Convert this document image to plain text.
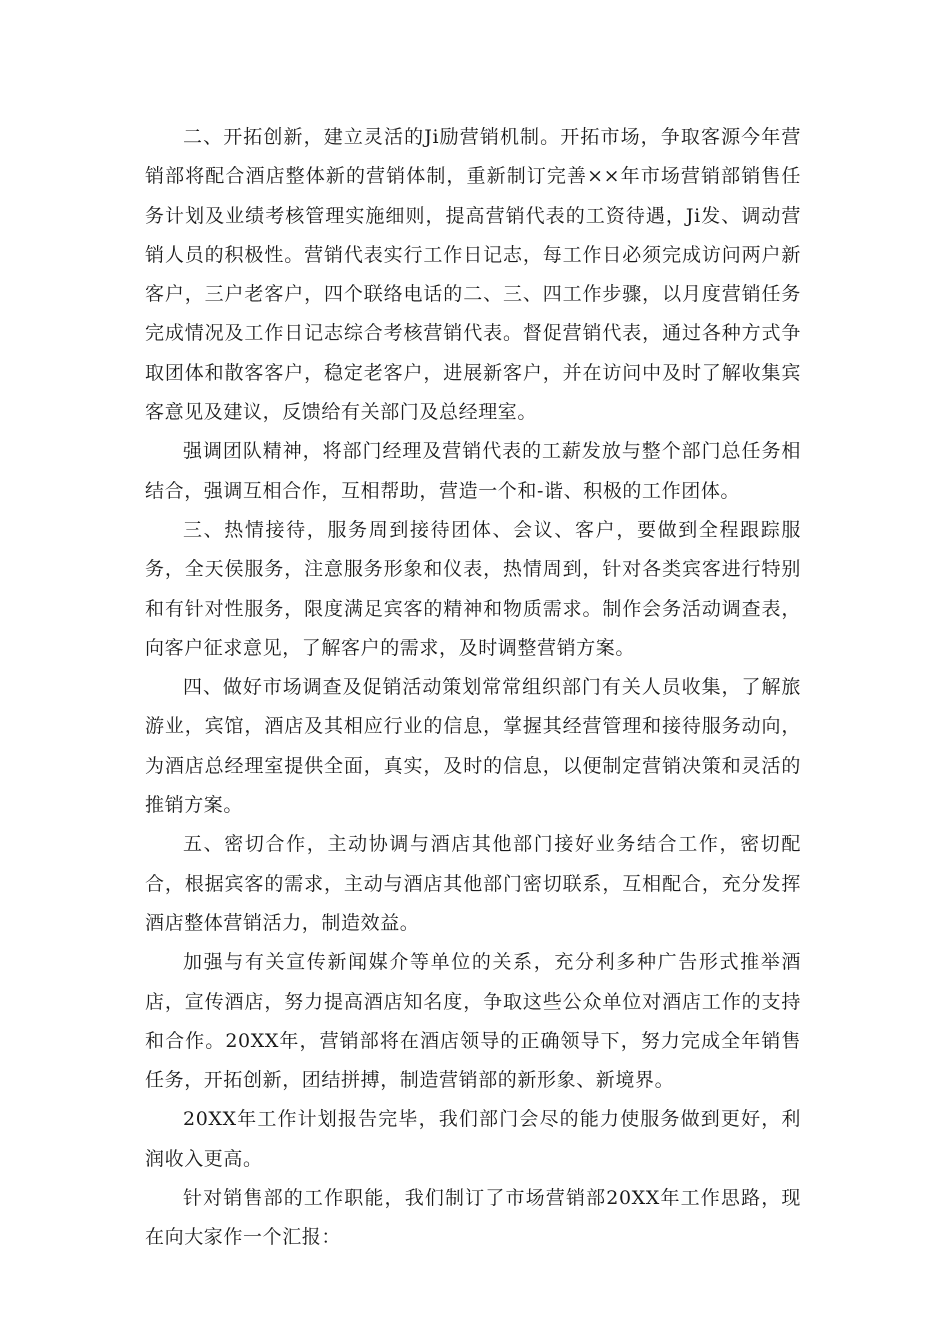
二、开拓创新，建立灵活的Ji励营销机制。开拓市场，争取客源今年营销部将配合酒店整体新的营销体制，重新制订完善××年市场营销部销售任务计划及业绩考核管理实施细则，提高营销代表的工资待遇，Ji发、调动营销人员的积极性。营销代表实行工作日记志，每工作日必须完成访问两户新客户，三户老客户，四个联络电话的二、三、四工作步骤，以月度营销任务完成情况及工作日记志综合考核营销代表。督促营销代表，通过各种方式争取团体和散客客户，稳定老客户，进展新客户，并在访问中及时了解收集宾客意见及建议，反馈给有关部门及总经理室。

强调团队精神，将部门经理及营销代表的工薪发放与整个部门总任务相结合，强调互相合作，互相帮助，营造一个和-谐、积极的工作团体。

三、热情接待，服务周到接待团体、会议、客户，要做到全程跟踪服务，全天侯服务，注意服务形象和仪表，热情周到，针对各类宾客进行特别和有针对性服务，限度满足宾客的精神和物质需求。制作会务活动调查表，向客户征求意见，了解客户的需求，及时调整营销方案。

四、做好市场调查及促销活动策划常常组织部门有关人员收集，了解旅游业，宾馆，酒店及其相应行业的信息，掌握其经营管理和接待服务动向，为酒店总经理室提供全面，真实，及时的信息，以便制定营销决策和灵活的推销方案。

五、密切合作，主动协调与酒店其他部门接好业务结合工作，密切配合，根据宾客的需求，主动与酒店其他部门密切联系，互相配合，充分发挥酒店整体营销活力，制造效益。

加强与有关宣传新闻媒介等单位的关系，充分利多种广告形式推举酒店，宣传酒店，努力提高酒店知名度，争取这些公众单位对酒店工作的支持和合作。20XX年，营销部将在酒店领导的正确领导下，努力完成全年销售任务，开拓创新，团结拼搏，制造营销部的新形象、新境界。

20XX年工作计划报告完毕，我们部门会尽的能力使服务做到更好，利润收入更高。

针对销售部的工作职能，我们制订了市场营销部20XX年工作思路，现在向大家作一个汇报：
